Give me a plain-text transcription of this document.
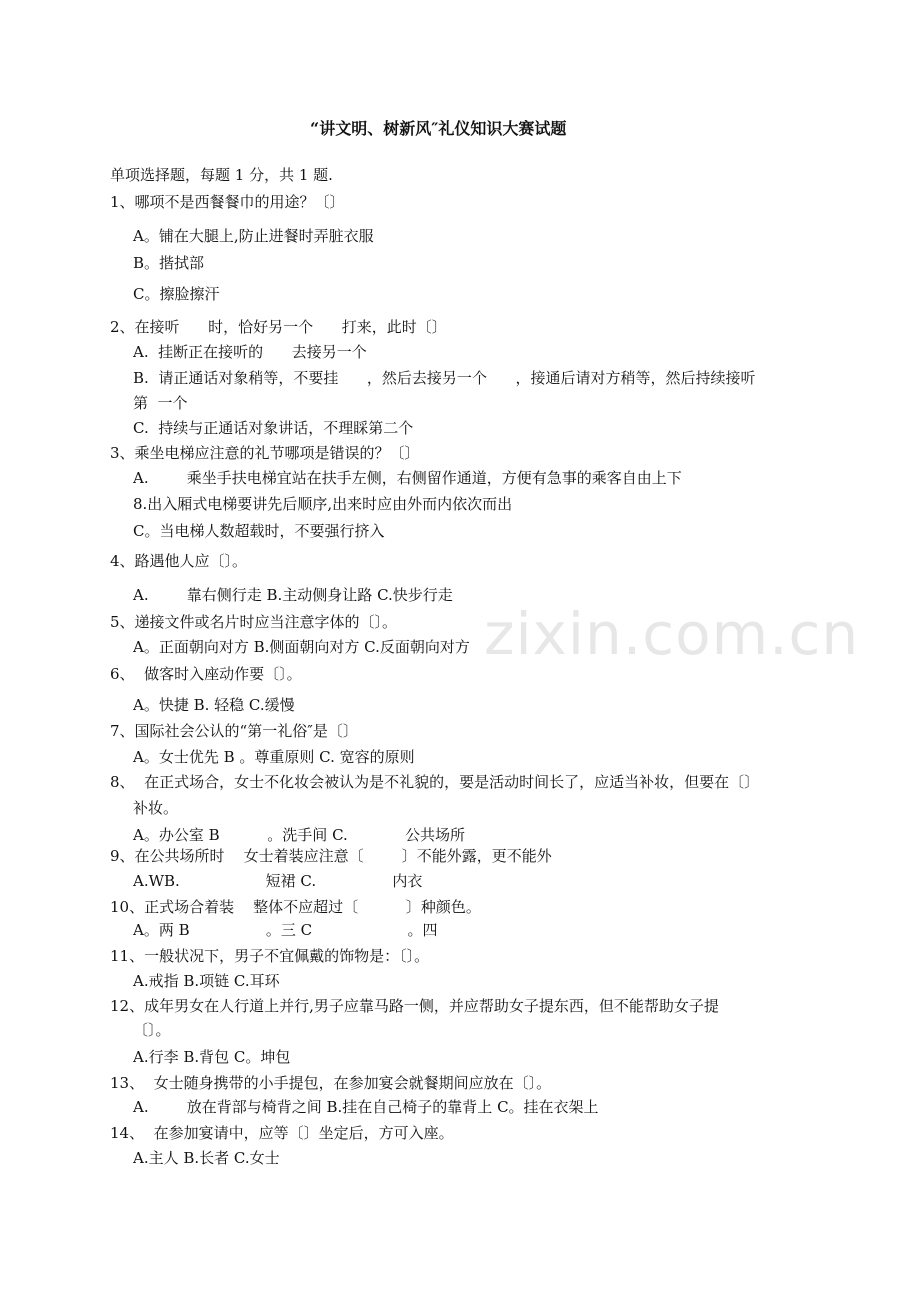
“讲文明、树新风″礼仪知识大赛试题
单项选择题，每题 1 分，共 1 题.
1、哪项不是西餐餐巾的用途？〔〕
A。铺在大腿上,防止进餐时弄脏衣服
B。揩拭部
C。擦脸擦汗
2、在接听      时，恰好另一个      打来，此时〔〕
A.  挂断正在接听的      去接另一个
B.  请正通话对象稍等，不要挂      ，然后去接另一个      ，接通后请对方稍等，然后持续接听
第  一个
C.  持续与正通话对象讲话，不理睬第二个
3、乘坐电梯应注意的礼节哪项是错误的？〔〕
A.        乘坐手扶电梯宜站在扶手左侧，右侧留作通道，方便有急事的乘客自由上下
8.出入厢式电梯要讲先后顺序,出来时应由外而内依次而出
C。当电梯人数超载时，不要强行挤入
4、路遇他人应〔〕。
A.        靠右侧行走 B.主动侧身让路 C.快步行走
5、递接文件或名片时应当注意字体的〔〕。
A。正面朝向对方 B.侧面朝向对方 C.反面朝向对方
6、  做客时入座动作要〔〕。
A。快捷 B. 轻稳 C.缓慢
7、国际社会公认的“第一礼俗″是〔〕
A。女士优先 B 。尊重原则 C. 宽容的原则
8、  在正式场合，女士不化妆会被认为是不礼貌的，要是活动时间长了，应适当补妆，但要在〔〕
补妆。
A。办公室 B          。洗手间 C.            公共场所
9、在公共场所时    女士着装应注意〔        〕不能外露，更不能外
A.WB.                  短裙 C.                内衣
10、正式场合着装    整体不应超过〔          〕种颜色。
A。两 B                。三 C                    。四
11、一般状况下，男子不宜佩戴的饰物是：〔〕。
A.戒指 B.项链 C.耳环
12、成年男女在人行道上并行,男子应靠马路一侧，并应帮助女子提东西，但不能帮助女子提
〔〕。
A.行李 B.背包 C。坤包
13、  女士随身携带的小手提包，在参加宴会就餐期间应放在〔〕。
A.        放在背部与椅背之间 B.挂在自己椅子的靠背上 C。挂在衣架上
14、  在参加宴请中，应等〔〕坐定后，方可入座。
A.主人 B.长者 C.女士
zixin.com.cn
